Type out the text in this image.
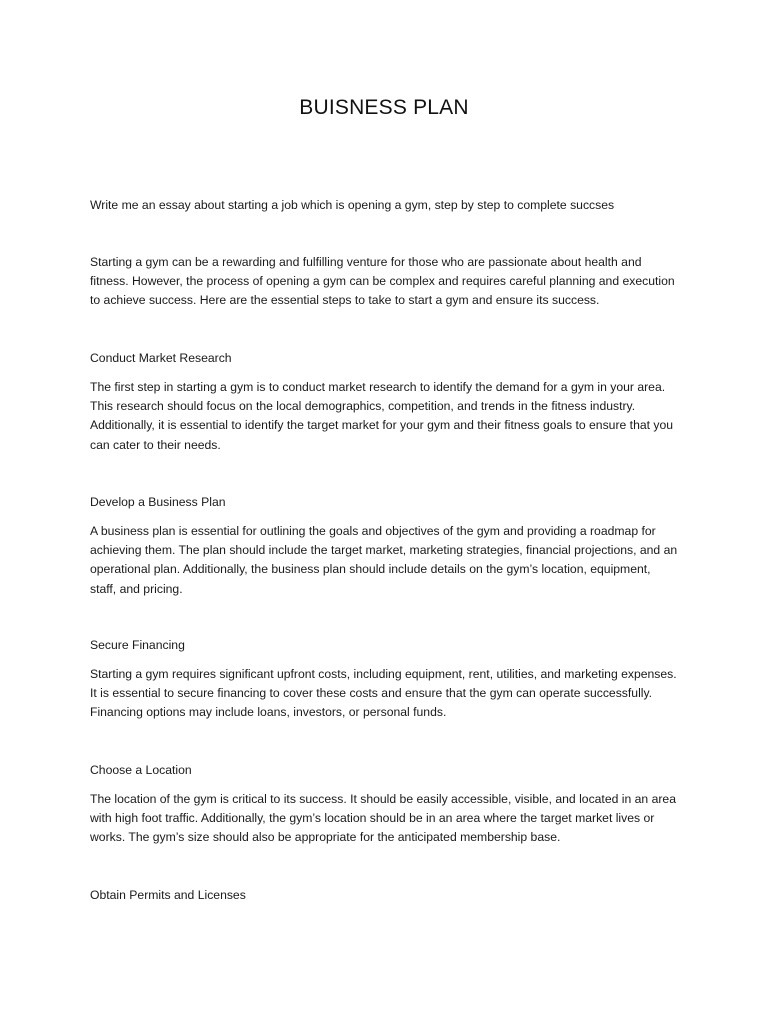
BUISNESS PLAN

Write me an essay about starting a job which is opening a gym, step by step to complete succses

Starting a gym can be a rewarding and fulfilling venture for those who are passionate about health and fitness. However, the process of opening a gym can be complex and requires careful planning and execution to achieve success. Here are the essential steps to take to start a gym and ensure its success.

Conduct Market Research

The first step in starting a gym is to conduct market research to identify the demand for a gym in your area. This research should focus on the local demographics, competition, and trends in the fitness industry. Additionally, it is essential to identify the target market for your gym and their fitness goals to ensure that you can cater to their needs.

Develop a Business Plan

A business plan is essential for outlining the goals and objectives of the gym and providing a roadmap for achieving them. The plan should include the target market, marketing strategies, financial projections, and an operational plan. Additionally, the business plan should include details on the gym’s location, equipment, staff, and pricing.

Secure Financing

Starting a gym requires significant upfront costs, including equipment, rent, utilities, and marketing expenses. It is essential to secure financing to cover these costs and ensure that the gym can operate successfully. Financing options may include loans, investors, or personal funds.

Choose a Location

The location of the gym is critical to its success. It should be easily accessible, visible, and located in an area with high foot traffic. Additionally, the gym’s location should be in an area where the target market lives or works. The gym’s size should also be appropriate for the anticipated membership base.

Obtain Permits and Licenses
